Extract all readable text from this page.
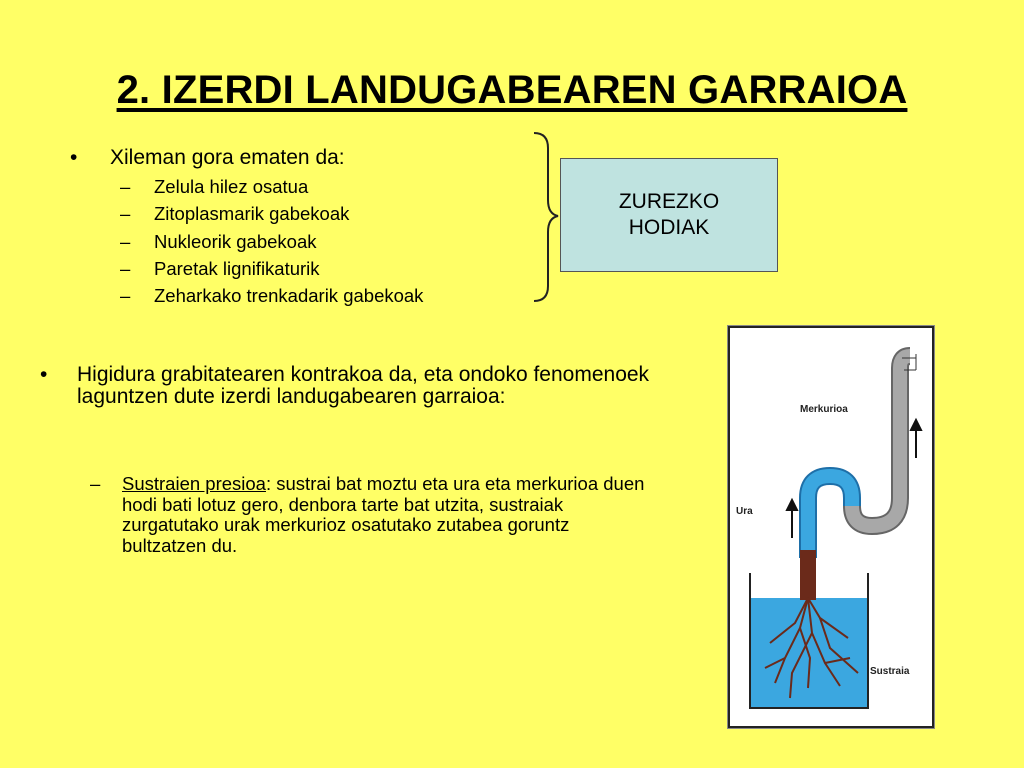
2. IZERDI LANDUGABEAREN GARRAIOA
• Xileman gora ematen da:
– Zelula hilez osatua
– Zitoplasmarik gabekoak
– Nukleorik gabekoak
– Paretak lignifikaturik
– Zeharkako trenkadarik gabekoak
ZUREZKO
HODIAK
• Higidura grabitatearen kontrakoa da, eta ondoko fenomenoek laguntzen dute izerdi landugabearen garraioa:
– Sustraien presioa: sustrai bat moztu eta ura eta merkurioa duen hodi bati lotuz gero, denbora tarte bat utzita, sustraiak zurgatutako urak merkurioz osatutako zutabea goruntz bultzatzen du.
Merkurioa
Ura
Sustraia
